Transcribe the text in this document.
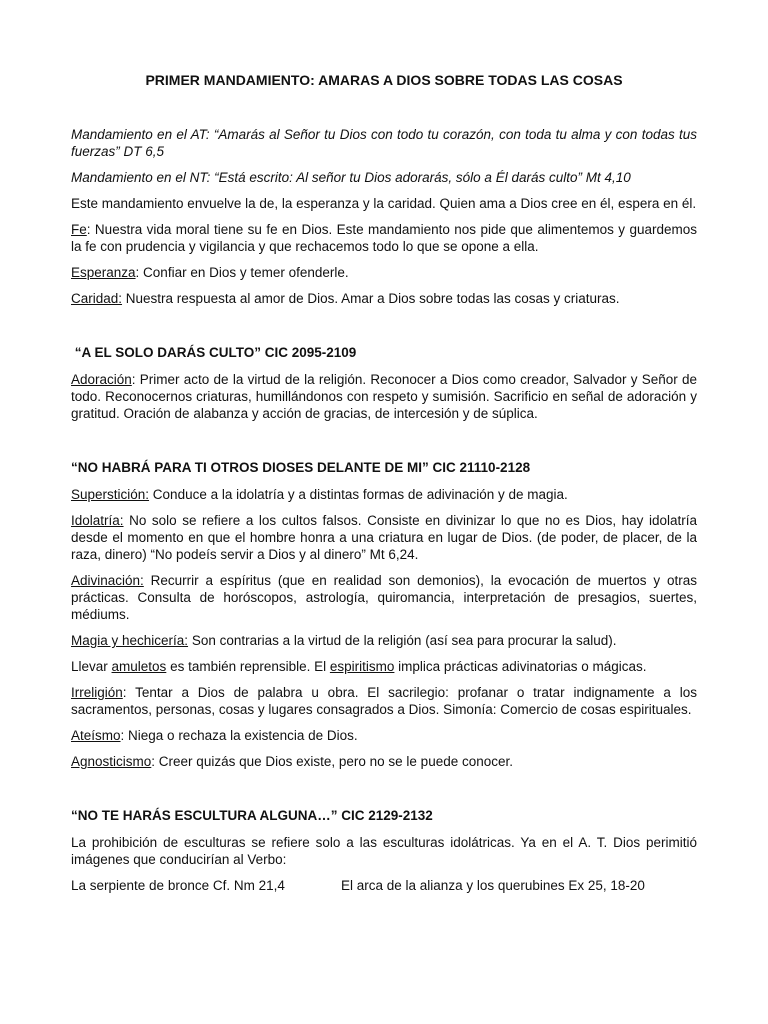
PRIMER MANDAMIENTO: AMARAS A DIOS SOBRE TODAS LAS COSAS

Mandamiento en el AT: “Amarás al Señor tu Dios con todo tu corazón, con toda tu alma y con todas tus fuerzas” DT 6,5

Mandamiento en el NT: “Está escrito: Al señor tu Dios adorarás, sólo a Él darás culto” Mt 4,10

Este mandamiento envuelve la de, la esperanza y la caridad. Quien ama a Dios cree en él, espera en él.

Fe: Nuestra vida moral tiene su fe en Dios. Este mandamiento nos pide que alimentemos y guardemos la fe con prudencia y vigilancia y que rechacemos todo lo que se opone a ella.

Esperanza: Confiar en Dios y temer ofenderle.

Caridad: Nuestra respuesta al amor de Dios. Amar a Dios sobre todas las cosas y criaturas.

“A EL SOLO DARÁS CULTO” CIC 2095-2109

Adoración: Primer acto de la virtud de la religión. Reconocer a Dios como creador, Salvador y Señor de todo. Reconocernos criaturas, humillándonos con respeto y sumisión. Sacrificio en señal de adoración y gratitud. Oración de alabanza y acción de gracias, de intercesión y de súplica.

“NO HABRÁ PARA TI OTROS DIOSES DELANTE DE MI” CIC 21110-2128

Superstición: Conduce a la idolatría y a distintas formas de adivinación y de magia.

Idolatría: No solo se refiere a los cultos falsos. Consiste en divinizar lo que no es Dios, hay idolatría desde el momento en que el hombre honra a una criatura en lugar de Dios. (de poder, de placer, de la raza, dinero) “No podeís servir a Dios y al dinero” Mt 6,24.

Adivinación: Recurrir a espíritus (que en realidad son demonios), la evocación de muertos y otras prácticas. Consulta de horóscopos, astrología, quiromancia, interpretación de presagios, suertes, médiums.

Magia y hechicería: Son contrarias a la virtud de la religión (así sea para procurar la salud).

Llevar amuletos es también reprensible. El espiritismo implica prácticas adivinatorias o mágicas.

Irreligión: Tentar a Dios de palabra u obra. El sacrilegio: profanar o tratar indignamente a los sacramentos, personas, cosas y lugares consagrados a Dios. Simonía: Comercio de cosas espirituales.

Ateísmo: Niega o rechaza la existencia de Dios.

Agnosticismo: Creer quizás que Dios existe, pero no se le puede conocer.

“NO TE HARÁS ESCULTURA ALGUNA…” CIC 2129-2132

La prohibición de esculturas se refiere solo a las esculturas idolátricas. Ya en el A. T. Dios perimitió imágenes que conducirían al Verbo:

La serpiente de bronce Cf. Nm 21,4	El arca de la alianza y los querubines Ex 25, 18-20
